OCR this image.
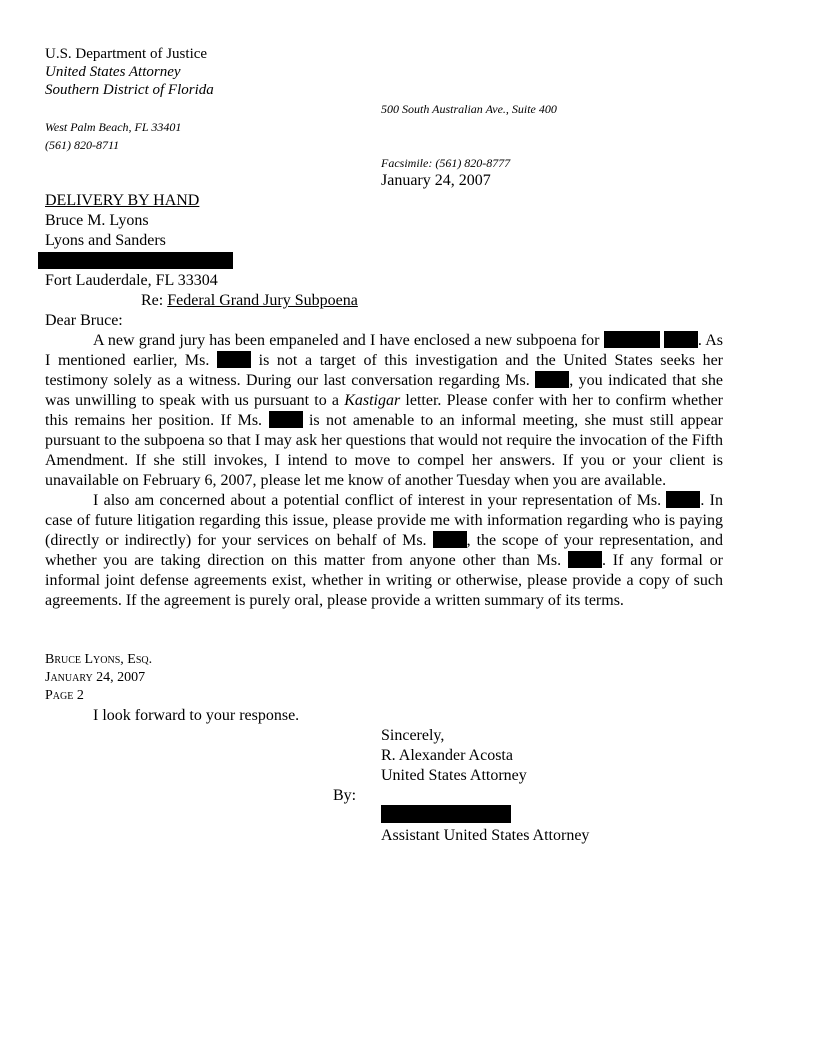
U.S. Department of Justice
United States Attorney
Southern District of Florida
500 South Australian Ave., Suite 400
West Palm Beach, FL 33401
(561) 820-8711
Facsimile: (561) 820-8777
January 24, 2007
DELIVERY BY HAND
Bruce M. Lyons
Lyons and Sanders
Fort Lauderdale, FL 33304
Re: Federal Grand Jury Subpoena
Dear Bruce:

A new grand jury has been empaneled and I have enclosed a new subpoena for	. As I mentioned earlier, Ms.  is not a target of this investigation and the United States seeks her testimony solely as a witness. During our last conversation regarding Ms. , you indicated that she was unwilling to speak with us pursuant to a Kastigar letter. Please confer with her to confirm whether this remains her position. If Ms.  is not amenable to an informal meeting, she must still appear pursuant to the subpoena so that I may ask her questions that would not require the invocation of the Fifth Amendment. If she still invokes, I intend to move to compel her answers. If you or your client is unavailable on February 6, 2007, please let me know of another Tuesday when you are available.

I also am concerned about a potential conflict of interest in your representation of Ms. . In case of future litigation regarding this issue, please provide me with information regarding who is paying (directly or indirectly) for your services on behalf of Ms. , the scope of your representation, and whether you are taking direction on this matter from anyone other than Ms. . If any formal or informal joint defense agreements exist, whether in writing or otherwise, please provide a copy of such agreements. If the agreement is purely oral, please provide a written summary of its terms.

Bruce Lyons, Esq.
January 24, 2007
Page 2
I look forward to your response.
Sincerely,
R. Alexander Acosta
United States Attorney
By:
Assistant United States Attorney
